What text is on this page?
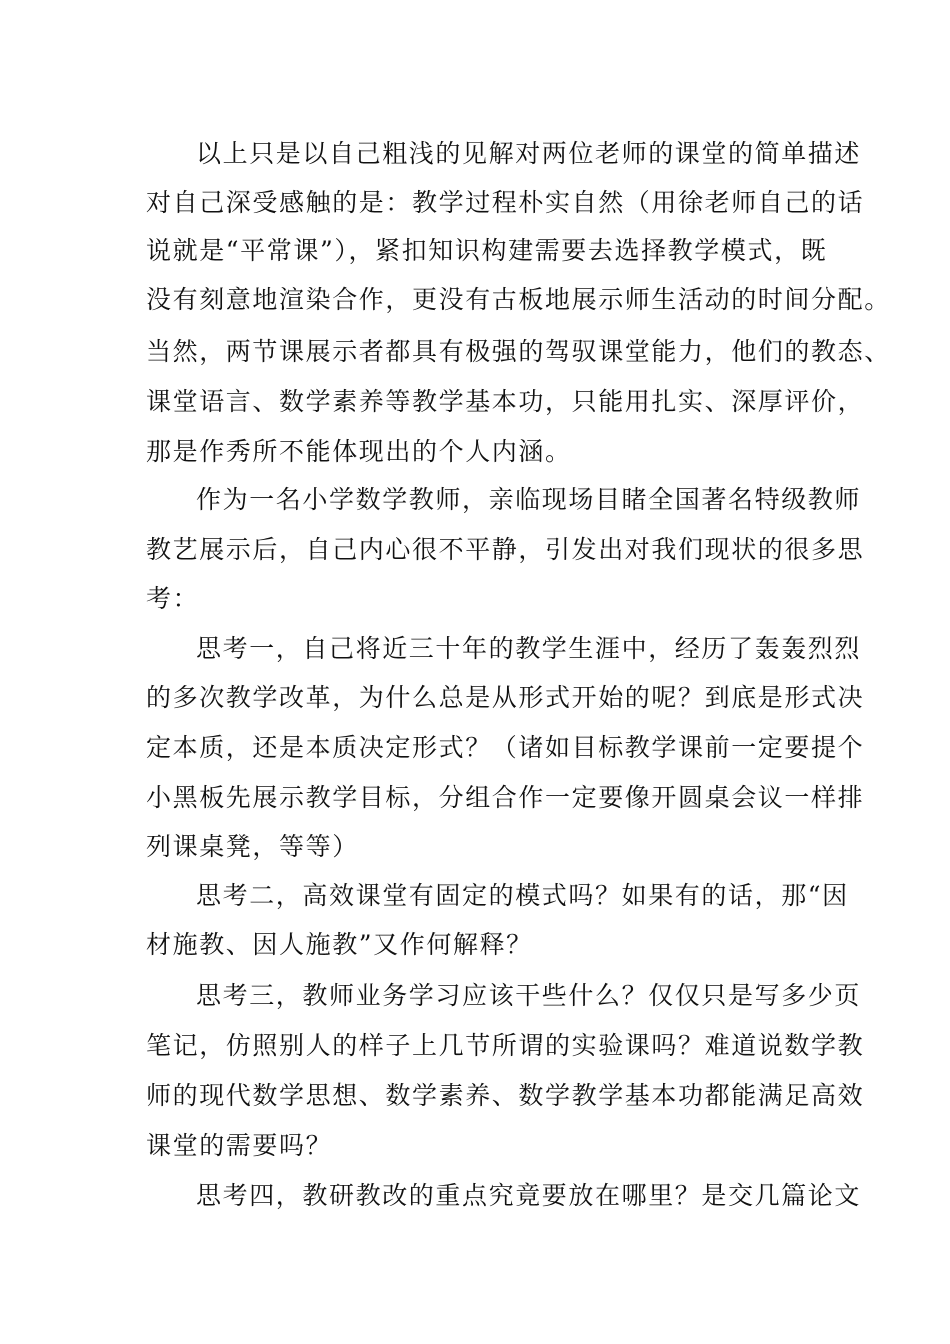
以上只是以自己粗浅的见解对两位老师的课堂的简单描述
对自己深受感触的是：教学过程朴实自然（用徐老师自己的话
说就是“平常课”），紧扣知识构建需要去选择教学模式，既
没有刻意地渲染合作，更没有古板地展示师生活动的时间分配。
当然，两节课展示者都具有极强的驾驭课堂能力，他们的教态、
课堂语言、数学素养等教学基本功，只能用扎实、深厚评价，
那是作秀所不能体现出的个人内涵。
作为一名小学数学教师，亲临现场目睹全国著名特级教师
教艺展示后，自己内心很不平静，引发出对我们现状的很多思
考：
思考一，自己将近三十年的教学生涯中，经历了轰轰烈烈
的多次教学改革，为什么总是从形式开始的呢？到底是形式决
定本质，还是本质决定形式？（诸如目标教学课前一定要提个
小黑板先展示教学目标，分组合作一定要像开圆桌会议一样排
列课桌凳，等等）
思考二，高效课堂有固定的模式吗？如果有的话，那“因
材施教、因人施教”又作何解释？
思考三，教师业务学习应该干些什么？仅仅只是写多少页
笔记，仿照别人的样子上几节所谓的实验课吗？难道说数学教
师的现代数学思想、数学素养、数学教学基本功都能满足高效
课堂的需要吗？
思考四，教研教改的重点究竟要放在哪里？是交几篇论文
